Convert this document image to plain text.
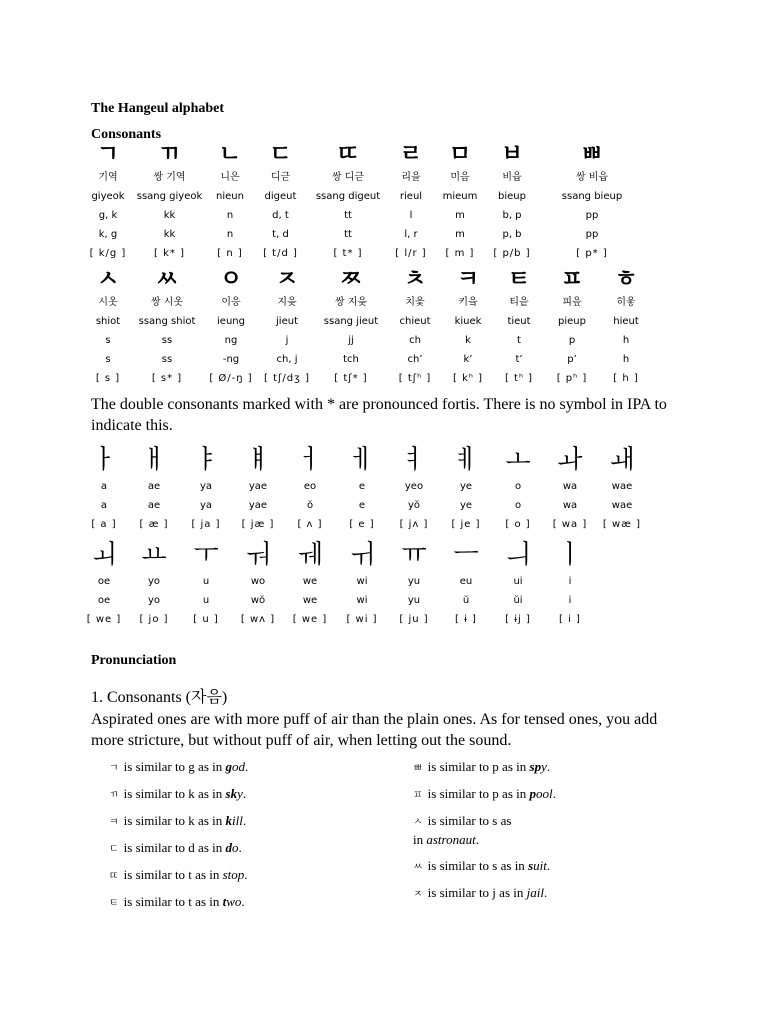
The Hangeul alphabet
Consonants
ㄱ
기역
giyeok
g, k
k, g
[ k/g ]
ㄲ
쌍 기역
ssang giyeok
kk
kk
[ k* ]
ㄴ
니은
nieun
n
n
[ n ]
ㄷ
디귿
digeut
d, t
t, d
[ t/d ]
ㄸ
쌍 디귿
ssang digeut
tt
tt
[ t* ]
ㄹ
리을
rieul
l
l, r
[ l/r ]
ㅁ
미음
mieum
m
m
[ m ]
ㅂ
비읍
bieup
b, p
p, b
[ p/b ]
ㅃ
쌍 비읍
ssang bieup
pp
pp
[ p* ]
ㅅ
시옷
shiot
s
s
[ s ]
ㅆ
쌍 시옷
ssang shiot
ss
ss
[ s* ]
ㅇ
이응
ieung
ng
-ng
[ Ø/-ŋ ]
ㅈ
지읒
jieut
j
ch, j
[ tʃ/dʒ ]
ㅉ
쌍 지읒
ssang jieut
jj
tch
[ tʃ* ]
ㅊ
치읓
chieut
ch
ch’
[ tʃʰ ]
ㅋ
키읔
kiuek
k
k’
[ kʰ ]
ㅌ
티읕
tieut
t
t’
[ tʰ ]
ㅍ
피읖
pieup
p
p’
[ pʰ ]
ㅎ
히읗
hieut
h
h
[ h ]
The double consonants marked with * are pronounced fortis. There is no symbol in IPA to indicate this.
ㅏ
a
a
[ a ]
ㅐ
ae
ae
[ æ ]
ㅑ
ya
ya
[ ja ]
ㅒ
yae
yae
[ jæ ]
ㅓ
eo
ŏ
[ ʌ ]
ㅔ
e
e
[ e ]
ㅕ
yeo
yŏ
[ jʌ ]
ㅖ
ye
ye
[ je ]
ㅗ
o
o
[ o ]
ㅘ
wa
wa
[ wa ]
ㅙ
wae
wae
[ wæ ]
ㅚ
oe
oe
[ we ]
ㅛ
yo
yo
[ jo ]
ㅜ
u
u
[ u ]
ㅝ
wo
wŏ
[ wʌ ]
ㅞ
we
we
[ we ]
ㅟ
wi
wi
[ wi ]
ㅠ
yu
yu
[ ju ]
ㅡ
eu
ŭ
[ ɨ ]
ㅢ
ui
ŭi
[ ɨj ]
ㅣ
i
i
[ i ]
Pronunciation
1. Consonants (자음)
Aspirated ones are with more puff of air than the plain ones. As for tensed ones, you add more stricture, but without puff of air, when letting out the sound.
ㄱ is similar to g as in god.
ㄲ is similar to k as in sky.
ㅋ is similar to k as in kill.
ㄷ is similar to d as in do.
ㄸ is similar to t as in stop.
ㅌ is similar to t as in two.
ㅃ is similar to p as in spy.
ㅍ is similar to p as in pool.
ㅅ is similar to s as
in astronaut.
ㅆ is similar to s as in suit.
ㅈ is similar to j as in jail.
